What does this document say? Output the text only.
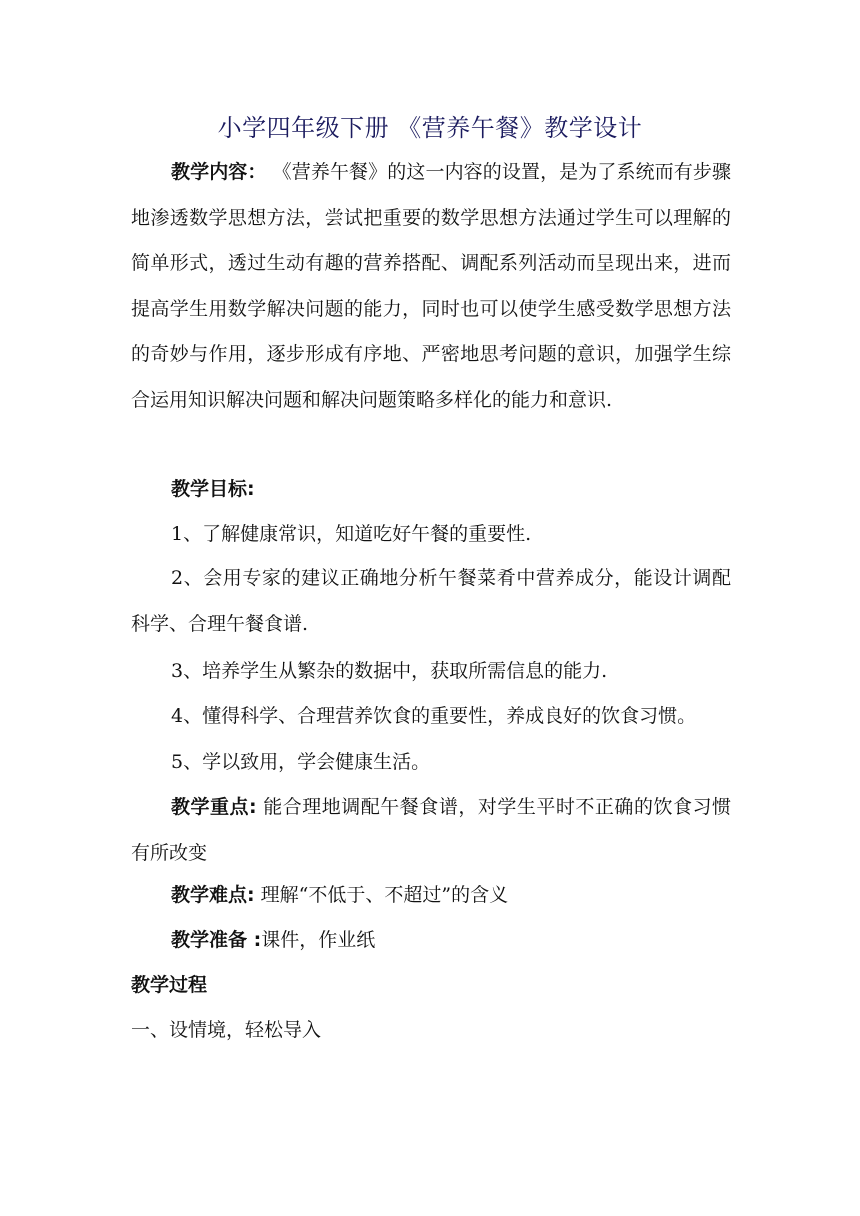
小学四年级下册 《营养午餐》教学设计
教学内容： 《营养午餐》的这一内容的设置，是为了系统而有步骤地渗透数学思想方法，尝试把重要的数学思想方法通过学生可以理解的简单形式，透过生动有趣的营养搭配、调配系列活动而呈现出来，进而提高学生用数学解决问题的能力，同时也可以使学生感受数学思想方法的奇妙与作用，逐步形成有序地、严密地思考问题的意识，加强学生综合运用知识解决问题和解决问题策略多样化的能力和意识.
教学目标:
1、了解健康常识，知道吃好午餐的重要性.
2、会用专家的建议正确地分析午餐菜肴中营养成分，能设计调配科学、合理午餐食谱.
3、培养学生从繁杂的数据中，获取所需信息的能力.
4、懂得科学、合理营养饮食的重要性，养成良好的饮食习惯。
5、学以致用，学会健康生活。
教学重点: 能合理地调配午餐食谱，对学生平时不正确的饮食习惯有所改变
教学难点: 理解“不低于、不超过”的含义
教学准备 :课件，作业纸
教学过程
一、设情境，轻松导入
